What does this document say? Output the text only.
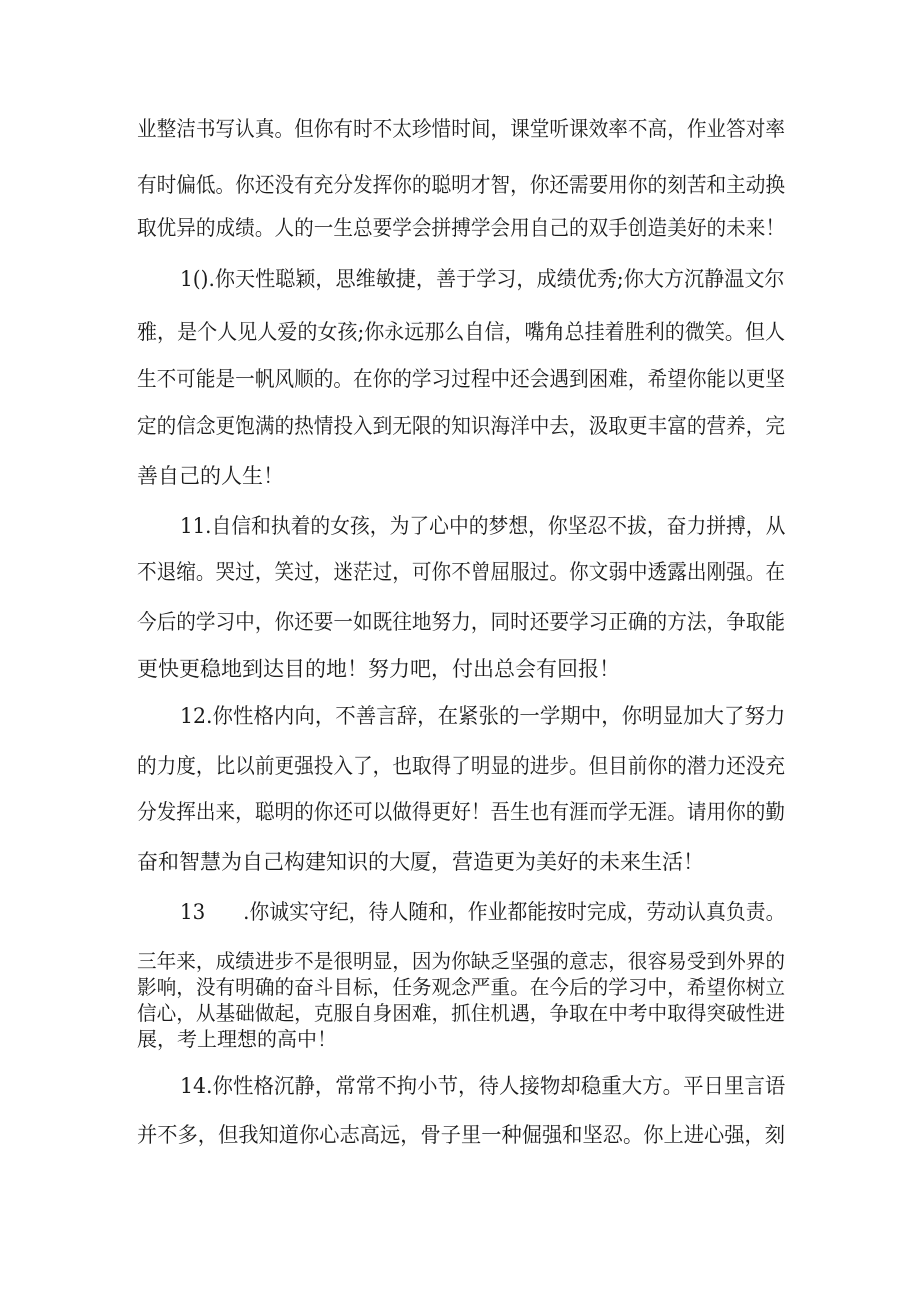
业整洁书写认真。但你有时不太珍惜时间，课堂听课效率不高，作业答对率
有时偏低。你还没有充分发挥你的聪明才智，你还需要用你的刻苦和主动换
取优异的成绩。人的一生总要学会拼搏学会用自己的双手创造美好的未来！
1().你天性聪颖，思维敏捷，善于学习，成绩优秀;你大方沉静温文尔
雅，是个人见人爱的女孩;你永远那么自信，嘴角总挂着胜利的微笑。但人
生不可能是一帆风顺的。在你的学习过程中还会遇到困难，希望你能以更坚
定的信念更饱满的热情投入到无限的知识海洋中去，汲取更丰富的营养，完
善自己的人生！
11.自信和执着的女孩，为了心中的梦想，你坚忍不拔，奋力拼搏，从
不退缩。哭过，笑过，迷茫过，可你不曾屈服过。你文弱中透露出刚强。在
今后的学习中，你还要一如既往地努力，同时还要学习正确的方法，争取能
更快更稳地到达目的地！努力吧，付出总会有回报！
12.你性格内向，不善言辞，在紧张的一学期中，你明显加大了努力
的力度，比以前更强投入了，也取得了明显的进步。但目前你的潜力还没充
分发挥出来，聪明的你还可以做得更好！吾生也有涯而学无涯。请用你的勤
奋和智慧为自己构建知识的大厦，营造更为美好的未来生活！
13      .你诚实守纪，待人随和，作业都能按时完成，劳动认真负责。
三年来，成绩进步不是很明显，因为你缺乏坚强的意志，很容易受到外界的
影响，没有明确的奋斗目标，任务观念严重。在今后的学习中，希望你树立
信心，从基础做起，克服自身困难，抓住机遇，争取在中考中取得突破性进
展，考上理想的高中！
14.你性格沉静，常常不拘小节，待人接物却稳重大方。平日里言语
并不多，但我知道你心志高远，骨子里一种倔强和坚忍。你上进心强，刻
